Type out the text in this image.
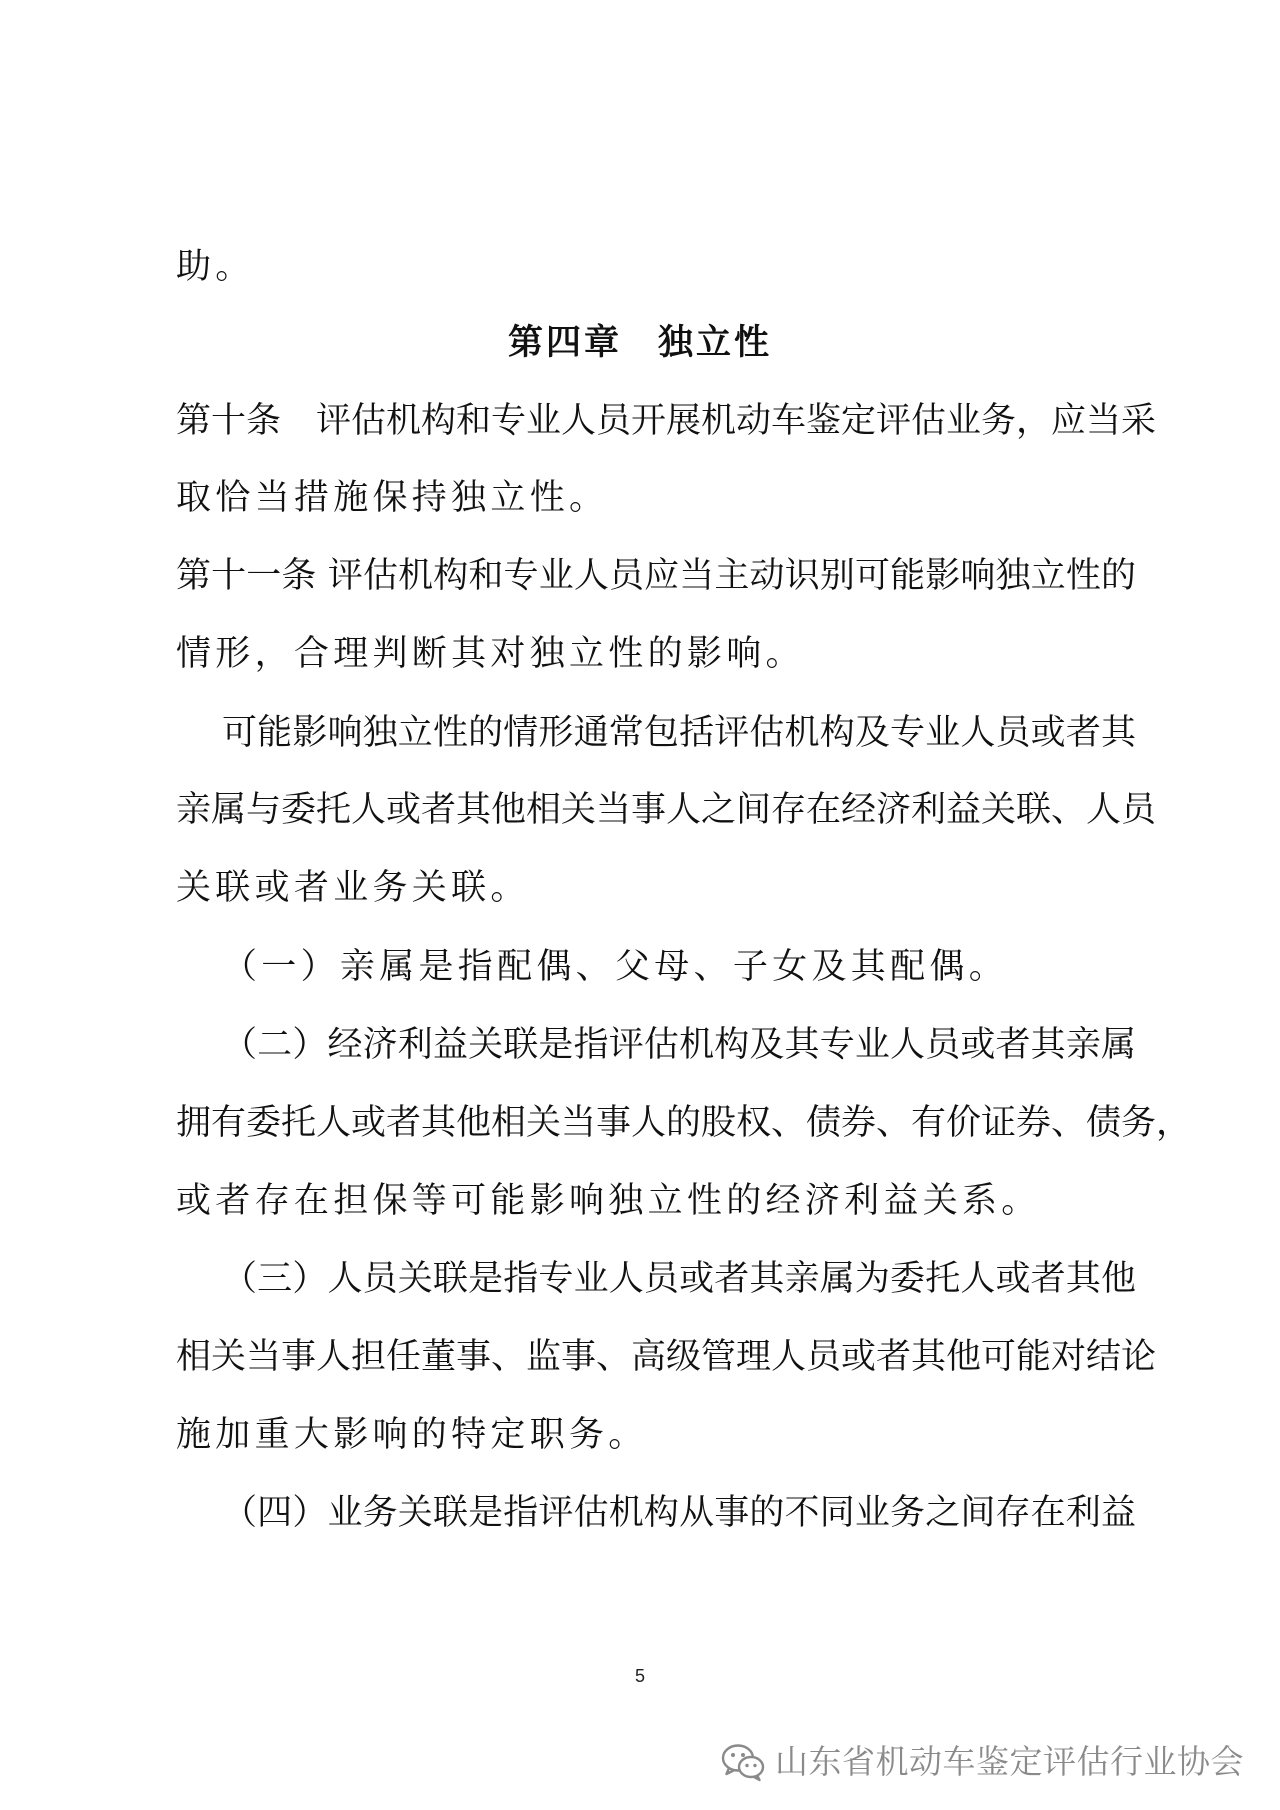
助。
第四章 独立性
第十条　评估机构和专业人员开展机动车鉴定评估业务，应当采
取恰当措施保持独立性。
第十一条 评估机构和专业人员应当主动识别可能影响独立性的
情形，合理判断其对独立性的影响。
可能影响独立性的情形通常包括评估机构及专业人员或者其
亲属与委托人或者其他相关当事人之间存在经济利益关联、人员
关联或者业务关联。
（一）亲属是指配偶、父母、子女及其配偶。
（二）经济利益关联是指评估机构及其专业人员或者其亲属
拥有委托人或者其他相关当事人的股权、债券、有价证券、债务，
或者存在担保等可能影响独立性的经济利益关系。
（三）人员关联是指专业人员或者其亲属为委托人或者其他
相关当事人担任董事、监事、高级管理人员或者其他可能对结论
施加重大影响的特定职务。
（四）业务关联是指评估机构从事的不同业务之间存在利益
5
山东省机动车鉴定评估行业协会
